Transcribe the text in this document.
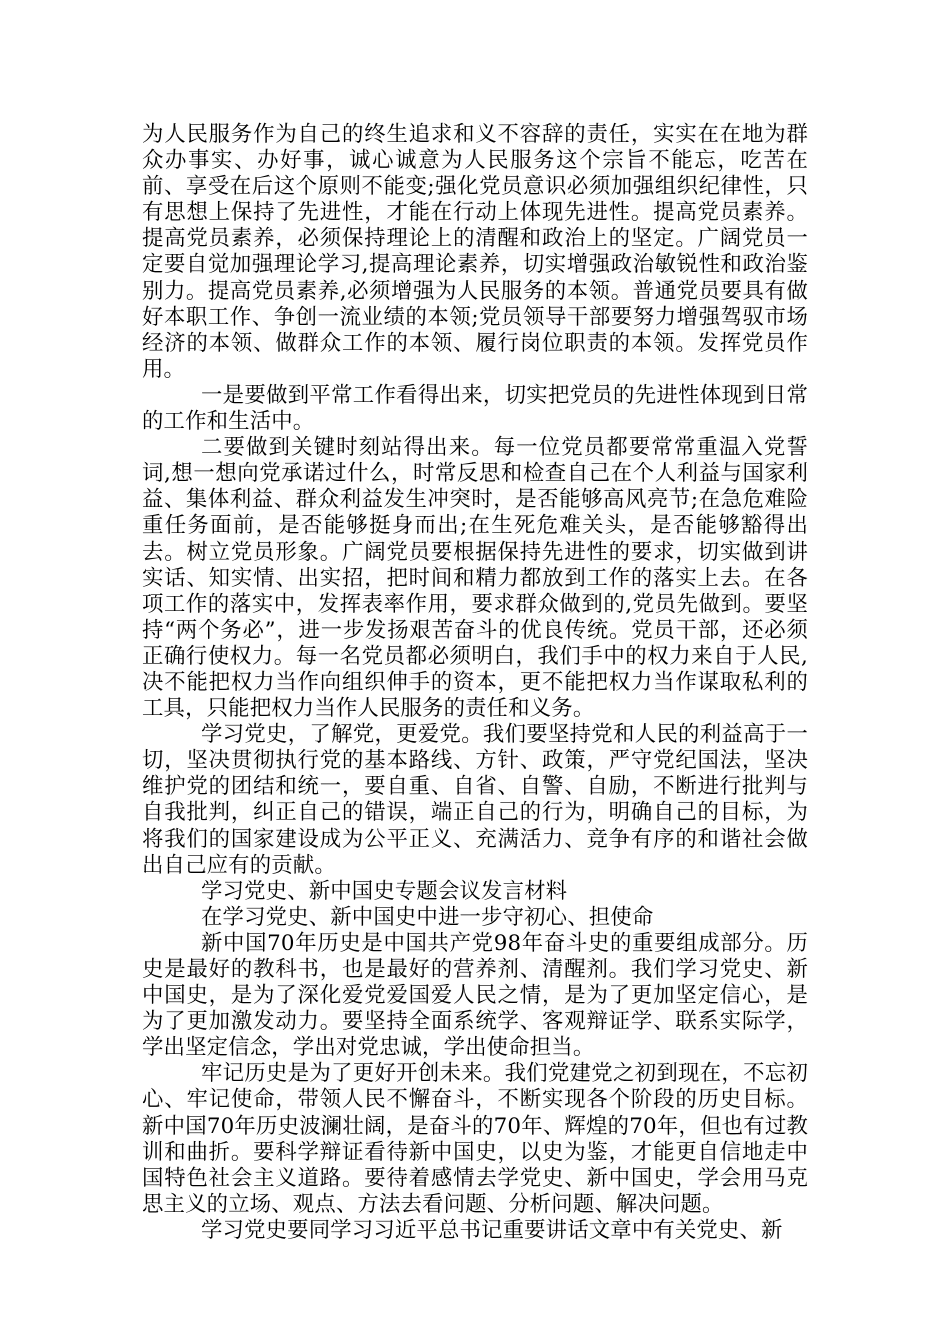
为人民服务作为自己的终生追求和义不容辞的责任，实实在在地为群众办事实、办好事，诚心诚意为人民服务这个宗旨不能忘，吃苦在前、享受在后这个原则不能变;强化党员意识必须加强组织纪律性，只有思想上保持了先进性，才能在行动上体现先进性。提高党员素养。提高党员素养，必须保持理论上的清醒和政治上的坚定。广阔党员一定要自觉加强理论学习,提高理论素养，切实增强政治敏锐性和政治鉴别力。提高党员素养,必须增强为人民服务的本领。普通党员要具有做好本职工作、争创一流业绩的本领;党员领导干部要努力增强驾驭市场经济的本领、做群众工作的本领、履行岗位职责的本领。发挥党员作用。

一是要做到平常工作看得出来，切实把党员的先进性体现到日常的工作和生活中。

二要做到关键时刻站得出来。每一位党员都要常常重温入党誓词,想一想向党承诺过什么，时常反思和检查自己在个人利益与国家利益、集体利益、群众利益发生冲突时，是否能够高风亮节;在急危难险重任务面前，是否能够挺身而出;在生死危难关头，是否能够豁得出去。树立党员形象。广阔党员要根据保持先进性的要求，切实做到讲实话、知实情、出实招，把时间和精力都放到工作的落实上去。在各项工作的落实中，发挥表率作用，要求群众做到的,党员先做到。要坚持“两个务必”，进一步发扬艰苦奋斗的优良传统。党员干部，还必须正确行使权力。每一名党员都必须明白，我们手中的权力来自于人民,决不能把权力当作向组织伸手的资本，更不能把权力当作谋取私利的工具，只能把权力当作人民服务的责任和义务。

学习党史，了解党，更爱党。我们要坚持党和人民的利益高于一切，坚决贯彻执行党的基本路线、方针、政策，严守党纪国法，坚决维护党的团结和统一，要自重、自省、自警、自励，不断进行批判与自我批判，纠正自己的错误，端正自己的行为，明确自己的目标，为将我们的国家建设成为公平正义、充满活力、竞争有序的和谐社会做出自己应有的贡献。

学习党史、新中国史专题会议发言材料

在学习党史、新中国史中进一步守初心、担使命

新中国70年历史是中国共产党98年奋斗史的重要组成部分。历史是最好的教科书，也是最好的营养剂、清醒剂。我们学习党史、新中国史，是为了深化爱党爱国爱人民之情，是为了更加坚定信心，是为了更加激发动力。要坚持全面系统学、客观辩证学、联系实际学，学出坚定信念，学出对党忠诚，学出使命担当。

牢记历史是为了更好开创未来。我们党建党之初到现在，不忘初心、牢记使命，带领人民不懈奋斗，不断实现各个阶段的历史目标。新中国70年历史波澜壮阔，是奋斗的70年、辉煌的70年，但也有过教训和曲折。要科学辩证看待新中国史，以史为鉴，才能更自信地走中国特色社会主义道路。要待着感情去学党史、新中国史，学会用马克思主义的立场、观点、方法去看问题、分析问题、解决问题。

学习党史要同学习习近平总书记重要讲话文章中有关党史、新
